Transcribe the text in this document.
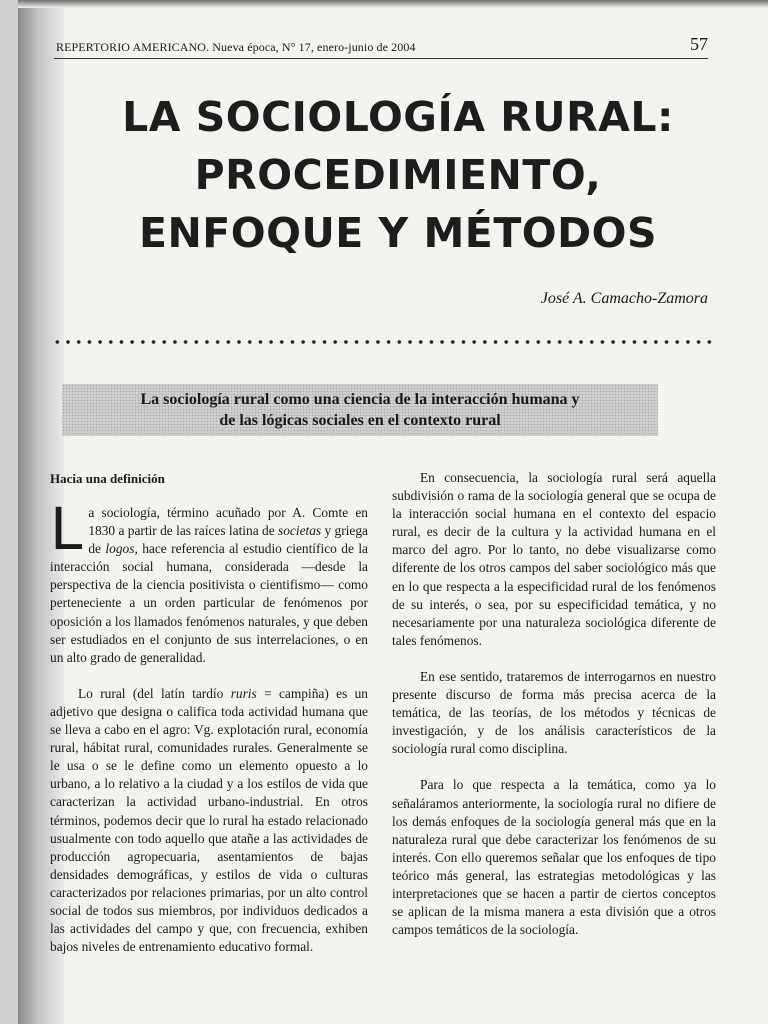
REPERTORIO AMERICANO. Nueva época, N° 17, enero-junio de 2004	57
LA SOCIOLOGÍA RURAL:
PROCEDIMIENTO,
ENFOQUE Y MÉTODOS
José A. Camacho-Zamora
La sociología rural como una ciencia de la interacción humana y
de las lógicas sociales en el contexto rural
Hacia una definición

La sociología, término acuñado por A. Comte en 1830 a partir de las raíces latina de societas y griega de logos, hace referencia al estudio científico de la interacción social humana, considerada —desde la perspectiva de la ciencia positivista o cientifismo— como perteneciente a un orden particular de fenómenos por oposición a los llamados fenómenos naturales, y que deben ser estudiados en el conjunto de sus interrelaciones, o en un alto grado de generalidad.

Lo rural (del latín tardío ruris = campiña) es un adjetivo que designa o califica toda actividad humana que se lleva a cabo en el agro: Vg. explotación rural, economía rural, hábitat rural, comunidades rurales. Generalmente se le usa o se le define como un elemento opuesto a lo urbano, a lo relativo a la ciudad y a los estilos de vida que caracterizan la actividad urbano-industrial. En otros términos, podemos decir que lo rural ha estado relacionado usualmente con todo aquello que atañe a las actividades de producción agropecuaria, asentamientos de bajas densidades demográficas, y estilos de vida o culturas caracterizados por relaciones primarias, por un alto control social de todos sus miembros, por individuos dedicados a las actividades del campo y que, con frecuencia, exhiben bajos niveles de entrenamiento educativo formal.

En consecuencia, la sociología rural será aquella subdivisión o rama de la sociología general que se ocupa de la interacción social humana en el contexto del espacio rural, es decir de la cultura y la actividad humana en el marco del agro. Por lo tanto, no debe visualizarse como diferente de los otros campos del saber sociológico más que en lo que respecta a la especificidad rural de los fenómenos de su interés, o sea, por su especificidad temática, y no necesariamente por una naturaleza sociológica diferente de tales fenómenos.

En ese sentido, trataremos de interrogarnos en nuestro presente discurso de forma más precisa acerca de la temática, de las teorías, de los métodos y técnicas de investigación, y de los análisis característicos de la sociología rural como disciplina.

Para lo que respecta a la temática, como ya lo señaláramos anteriormente, la sociología rural no difiere de los demás enfoques de la sociología general más que en la naturaleza rural que debe caracterizar los fenómenos de su interés. Con ello queremos señalar que los enfoques de tipo teórico más general, las estrategias metodológicas y las interpretaciones que se hacen a partir de ciertos conceptos se aplican de la misma manera a esta división que a otros campos temáticos de la sociología.
